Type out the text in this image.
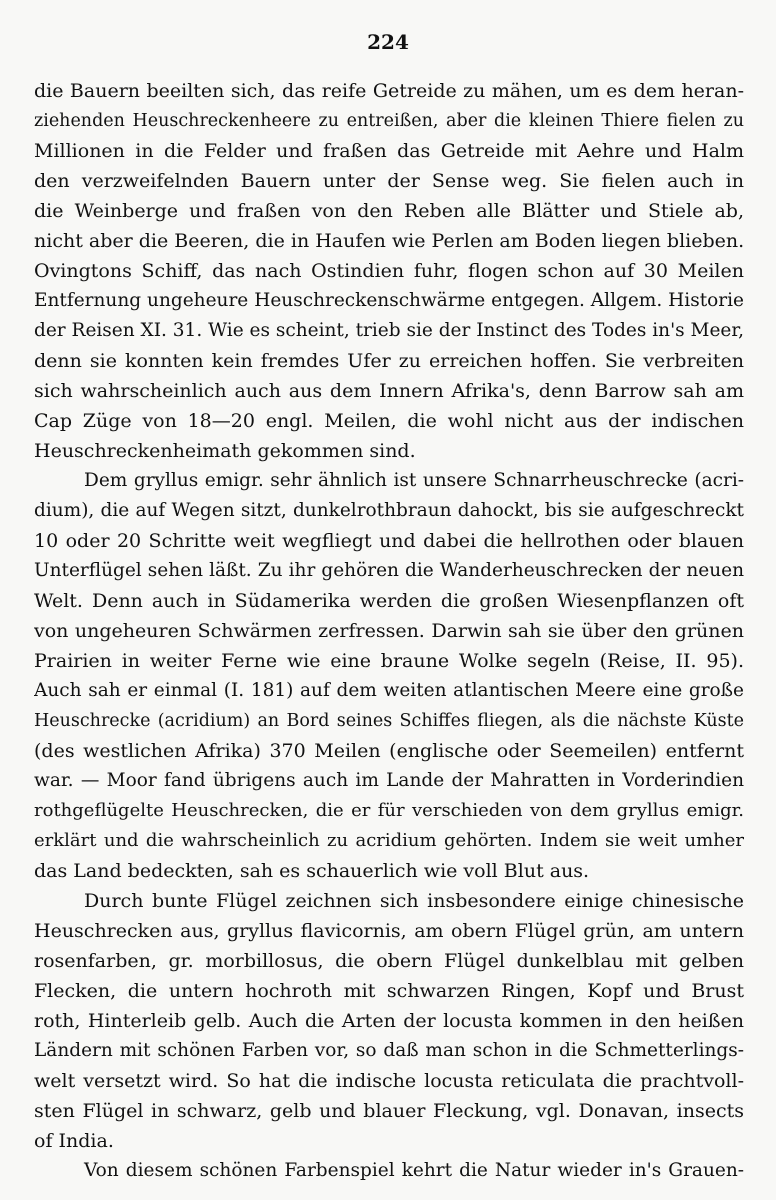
224
die Bauern beeilten sich, das reife Getreide zu mähen, um es dem heran-
ziehenden Heuschreckenheere zu entreißen, aber die kleinen Thiere fielen zu
Millionen in die Felder und fraßen das Getreide mit Aehre und Halm
den verzweifelnden Bauern unter der Sense weg. Sie fielen auch in
die Weinberge und fraßen von den Reben alle Blätter und Stiele ab,
nicht aber die Beeren, die in Haufen wie Perlen am Boden liegen blieben.
Ovingtons Schiff, das nach Ostindien fuhr, flogen schon auf 30 Meilen
Entfernung ungeheure Heuschreckenschwärme entgegen. Allgem. Historie
der Reisen XI. 31. Wie es scheint, trieb sie der Instinct des Todes in's Meer,
denn sie konnten kein fremdes Ufer zu erreichen hoffen. Sie verbreiten
sich wahrscheinlich auch aus dem Innern Afrika's, denn Barrow sah am
Cap Züge von 18—20 engl. Meilen, die wohl nicht aus der indischen
Heuschreckenheimath gekommen sind.
Dem gryllus emigr. sehr ähnlich ist unsere Schnarrheuschrecke (acri-
dium), die auf Wegen sitzt, dunkelrothbraun dahockt, bis sie aufgeschreckt
10 oder 20 Schritte weit wegfliegt und dabei die hellrothen oder blauen
Unterflügel sehen läßt. Zu ihr gehören die Wanderheuschrecken der neuen
Welt. Denn auch in Südamerika werden die großen Wiesenpflanzen oft
von ungeheuren Schwärmen zerfressen. Darwin sah sie über den grünen
Prairien in weiter Ferne wie eine braune Wolke segeln (Reise, II. 95).
Auch sah er einmal (I. 181) auf dem weiten atlantischen Meere eine große
Heuschrecke (acridium) an Bord seines Schiffes fliegen, als die nächste Küste
(des westlichen Afrika) 370 Meilen (englische oder Seemeilen) entfernt
war. — Moor fand übrigens auch im Lande der Mahratten in Vorderindien
rothgeflügelte Heuschrecken, die er für verschieden von dem gryllus emigr.
erklärt und die wahrscheinlich zu acridium gehörten. Indem sie weit umher
das Land bedeckten, sah es schauerlich wie voll Blut aus.
Durch bunte Flügel zeichnen sich insbesondere einige chinesische
Heuschrecken aus, gryllus flavicornis, am obern Flügel grün, am untern
rosenfarben, gr. morbillosus, die obern Flügel dunkelblau mit gelben
Flecken, die untern hochroth mit schwarzen Ringen, Kopf und Brust
roth, Hinterleib gelb. Auch die Arten der locusta kommen in den heißen
Ländern mit schönen Farben vor, so daß man schon in die Schmetterlings-
welt versetzt wird. So hat die indische locusta reticulata die prachtvoll-
sten Flügel in schwarz, gelb und blauer Fleckung, vgl. Donavan, insects
of India.
Von diesem schönen Farbenspiel kehrt die Natur wieder in's Grauen-
